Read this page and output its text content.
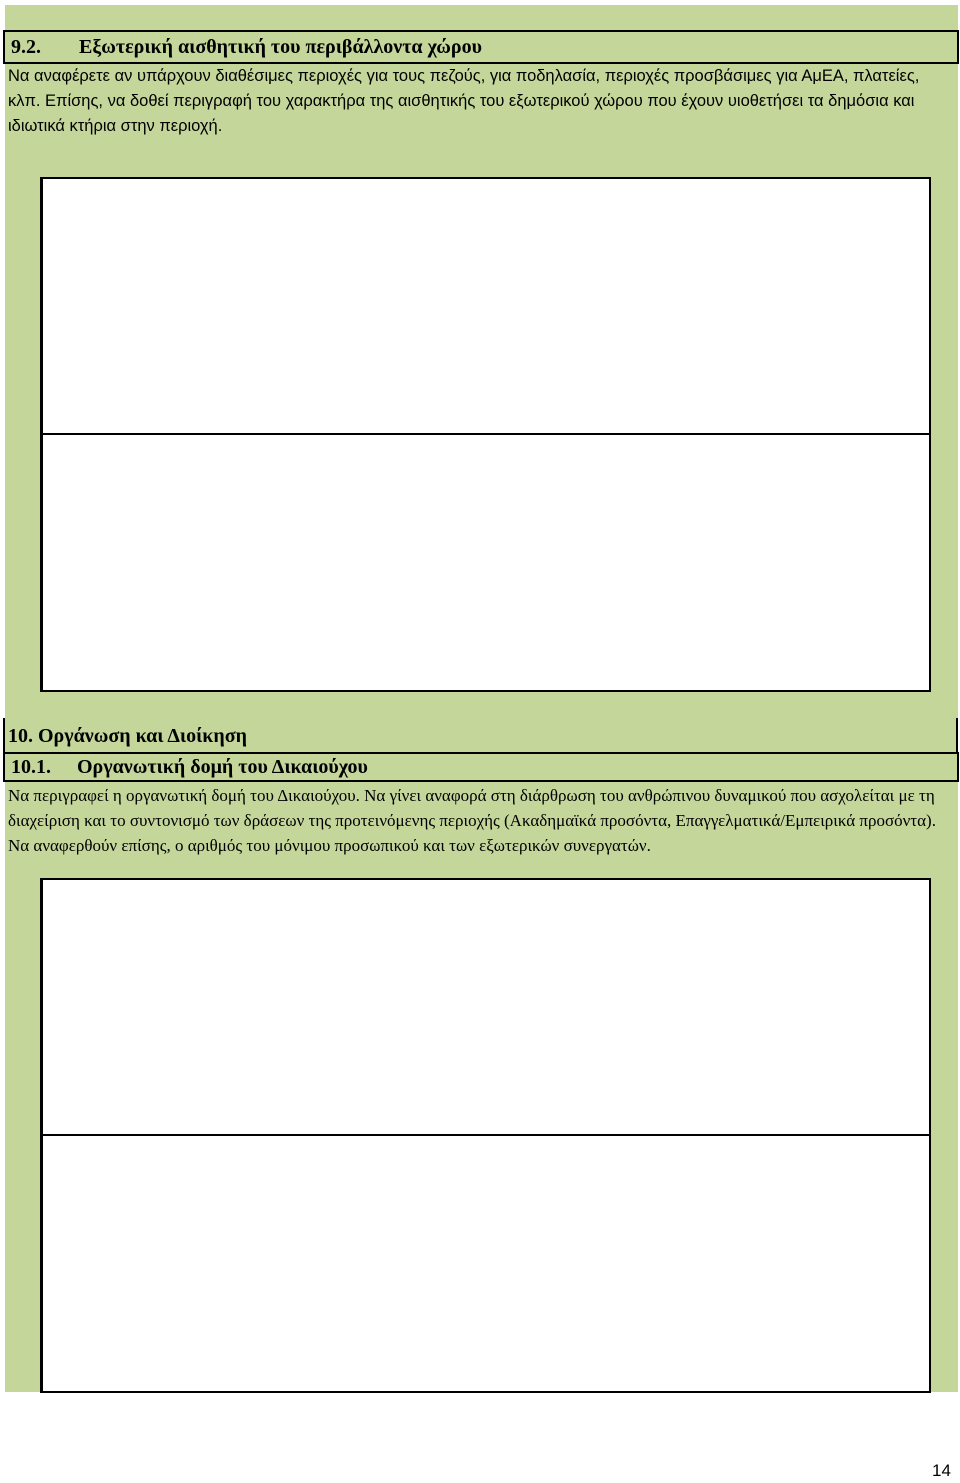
9.2. Εξωτερική αισθητική του περιβάλλοντα χώρου
Να αναφέρετε αν υπάρχουν διαθέσιμες περιοχές για τους πεζούς, για ποδηλασία, περιοχές προσβάσιμες για ΑμΕΑ, πλατείες, κλπ. Επίσης, να δοθεί περιγραφή του χαρακτήρα της αισθητικής του εξωτερικού χώρου που έχουν υιοθετήσει τα δημόσια και ιδιωτικά κτήρια στην περιοχή.
10. Οργάνωση και Διοίκηση
10.1. Οργανωτική δομή του Δικαιούχου
Να περιγραφεί η οργανωτική δομή του Δικαιούχου. Να γίνει αναφορά στη διάρθρωση του ανθρώπινου δυναμικού που ασχολείται με τη διαχείριση και το συντονισμό των δράσεων της προτεινόμενης περιοχής (Ακαδημαϊκά προσόντα, Επαγγελματικά/Εμπειρικά προσόντα). Να αναφερθούν επίσης, ο αριθμός του μόνιμου προσωπικού και των εξωτερικών συνεργατών.
14
